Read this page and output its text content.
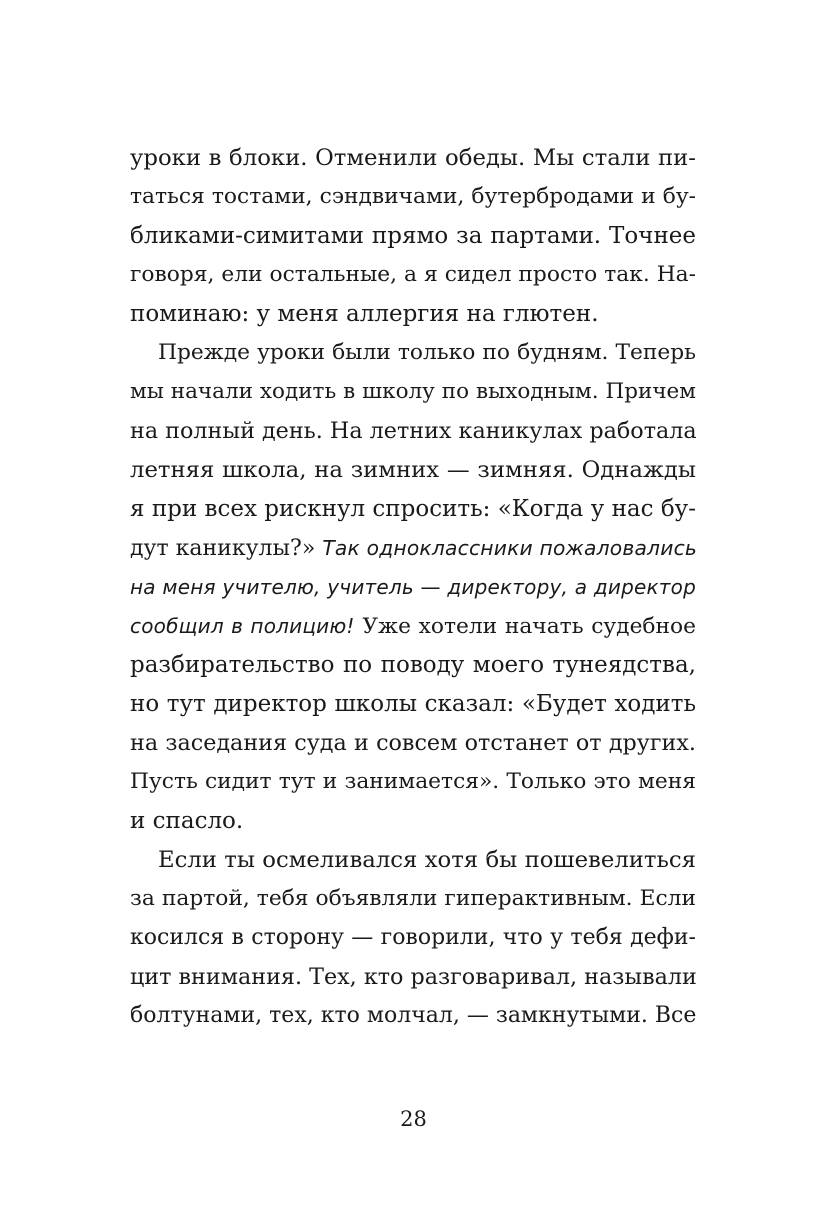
уроки в блоки. Отменили обеды. Мы стали пи-
таться тостами, сэндвичами, бутербродами и бу-
бликами-симитами прямо за партами. Точнее
говоря, ели остальные, а я сидел просто так. На-
поминаю: у меня аллергия на глютен.
Прежде уроки были только по будням. Теперь
мы начали ходить в школу по выходным. Причем
на полный день. На летних каникулах работала
летняя школа, на зимних — зимняя. Однажды
я при всех рискнул спросить: «Когда у нас бу-
дут каникулы?» Так одноклассники пожаловались
на меня учителю, учитель — директору, а директор
сообщил в полицию! Уже хотели начать судебное
разбирательство по поводу моего тунеядства,
но тут директор школы сказал: «Будет ходить
на заседания суда и совсем отстанет от других.
Пусть сидит тут и занимается». Только это меня
и спасло.
Если ты осмеливался хотя бы пошевелиться
за партой, тебя объявляли гиперактивным. Если
косился в сторону — говорили, что у тебя дефи-
цит внимания. Тех, кто разговаривал, называли
болтунами, тех, кто молчал, — замкнутыми. Все
28
